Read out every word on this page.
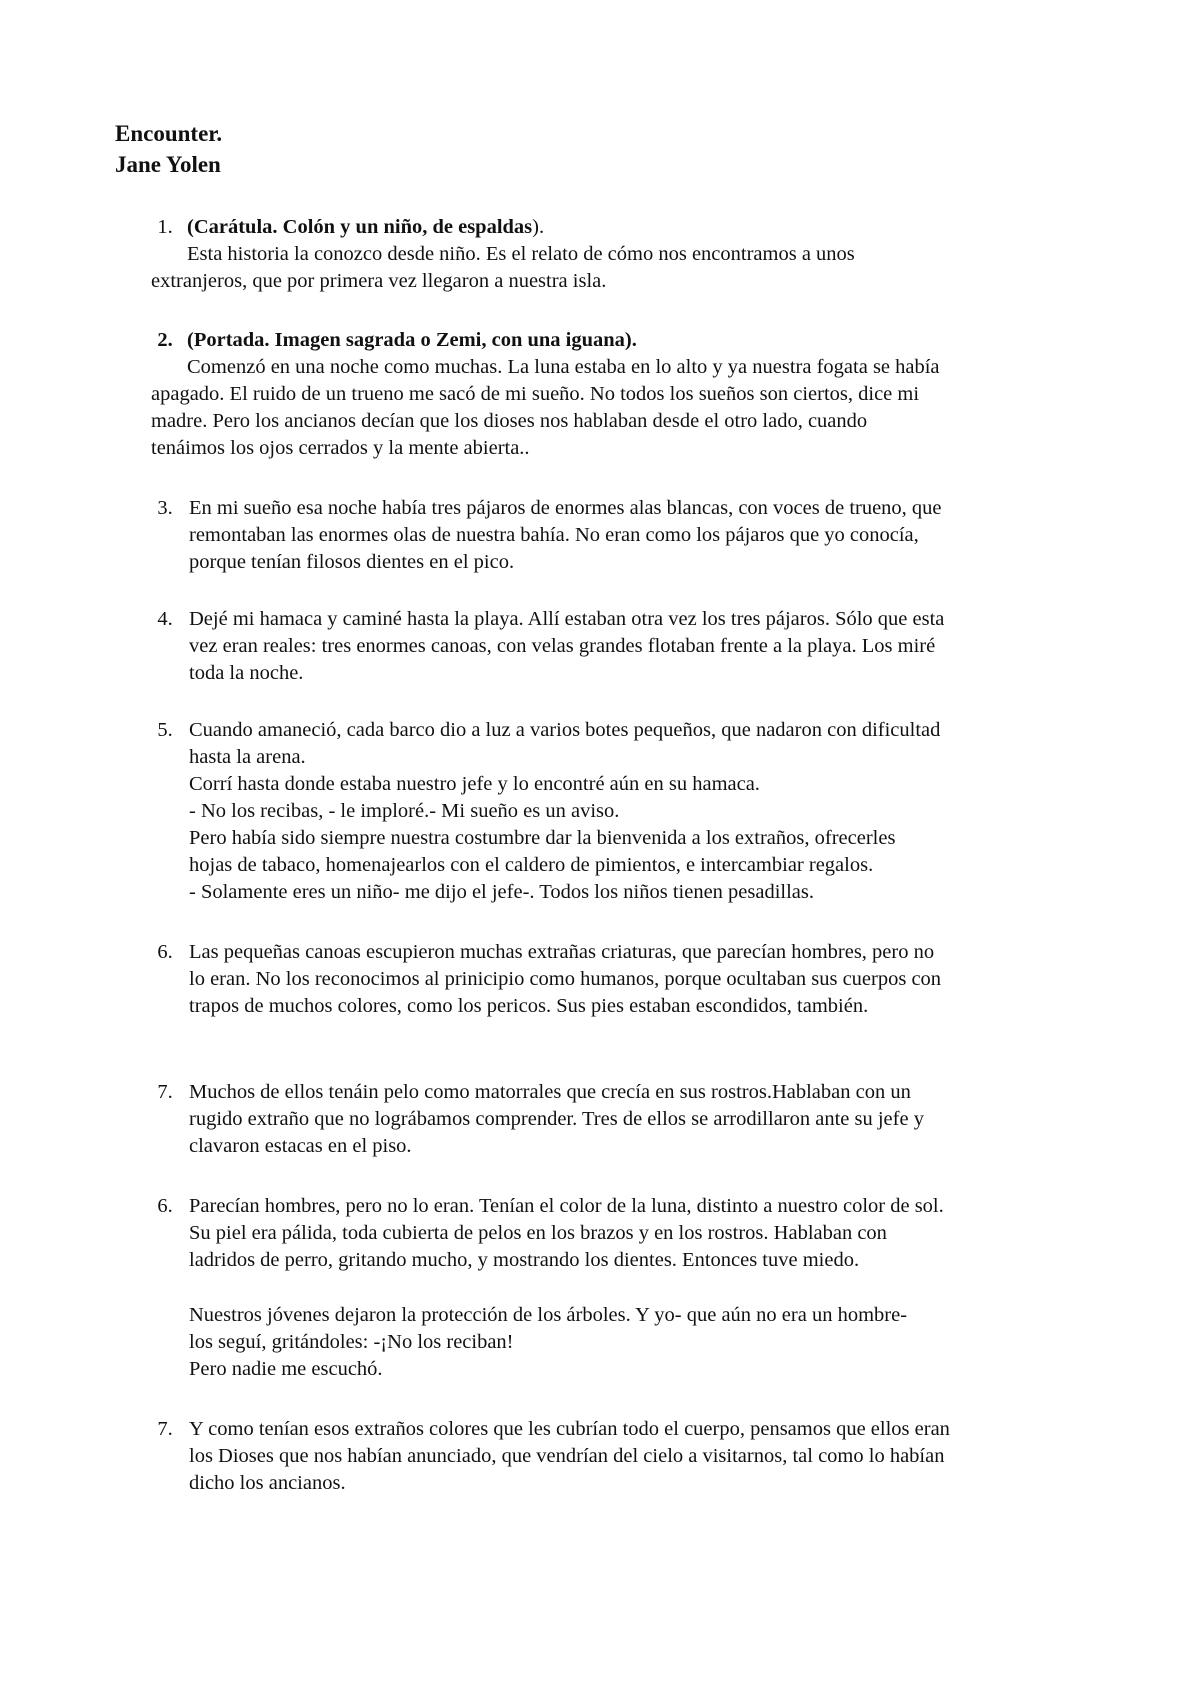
Encounter.
Jane Yolen
1. (Carátula. Colón y un niño, de espaldas).
Esta historia la conozco desde niño. Es el relato de cómo nos encontramos a unos
extranjeros, que por primera vez llegaron a nuestra isla.
2. (Portada. Imagen sagrada o Zemi, con una iguana).
Comenzó en una noche como muchas. La luna estaba en lo alto y ya nuestra fogata se había
apagado. El ruido de un trueno me sacó de mi sueño. No todos los sueños son ciertos, dice mi
madre. Pero los ancianos decían que los dioses nos hablaban desde el otro lado, cuando
tenáimos los ojos cerrados y la mente abierta..
3. En mi sueño esa noche había tres pájaros de enormes alas blancas, con voces de trueno, que
remontaban las enormes olas de nuestra bahía. No eran como los pájaros que yo conocía,
porque tenían filosos dientes en el pico.
4. Dejé mi hamaca y caminé hasta la playa. Allí estaban otra vez los tres pájaros. Sólo que esta
vez eran reales: tres enormes canoas, con velas grandes flotaban frente a la playa. Los miré
toda la noche.
5. Cuando amaneció, cada barco dio a luz a varios botes pequeños, que nadaron con dificultad
hasta la arena.
Corrí hasta donde estaba nuestro jefe y lo encontré aún en su hamaca.
- No los recibas, - le imploré.- Mi sueño es un aviso.
Pero había sido siempre nuestra costumbre dar la bienvenida a los extraños, ofrecerles
hojas de tabaco, homenajearlos con el caldero de pimientos, e intercambiar regalos.
- Solamente eres un niño- me dijo el jefe-. Todos los niños tienen pesadillas.
6. Las pequeñas canoas escupieron muchas extrañas criaturas, que parecían hombres, pero no
lo eran. No los reconocimos al prinicipio como humanos, porque ocultaban sus cuerpos con
trapos de muchos colores, como los pericos. Sus pies estaban escondidos, también.
7. Muchos de ellos tenáin pelo como matorrales que crecía en sus rostros.Hablaban con un
rugido extraño que no lográbamos comprender. Tres de ellos se arrodillaron ante su jefe y
clavaron estacas en el piso.
6. Parecían hombres, pero no lo eran. Tenían el color de la luna, distinto a nuestro color de sol.
Su piel era pálida, toda cubierta de pelos en los brazos y en los rostros. Hablaban con
ladridos de perro, gritando mucho, y mostrando los dientes. Entonces tuve miedo.
Nuestros jóvenes dejaron la protección de los árboles. Y yo- que aún no era un hombre-
los seguí, gritándoles: -¡No los reciban!
Pero nadie me escuchó.
7. Y como tenían esos extraños colores que les cubrían todo el cuerpo, pensamos que ellos eran
los Dioses que nos habían anunciado, que vendrían del cielo a visitarnos, tal como lo habían
dicho los ancianos.
